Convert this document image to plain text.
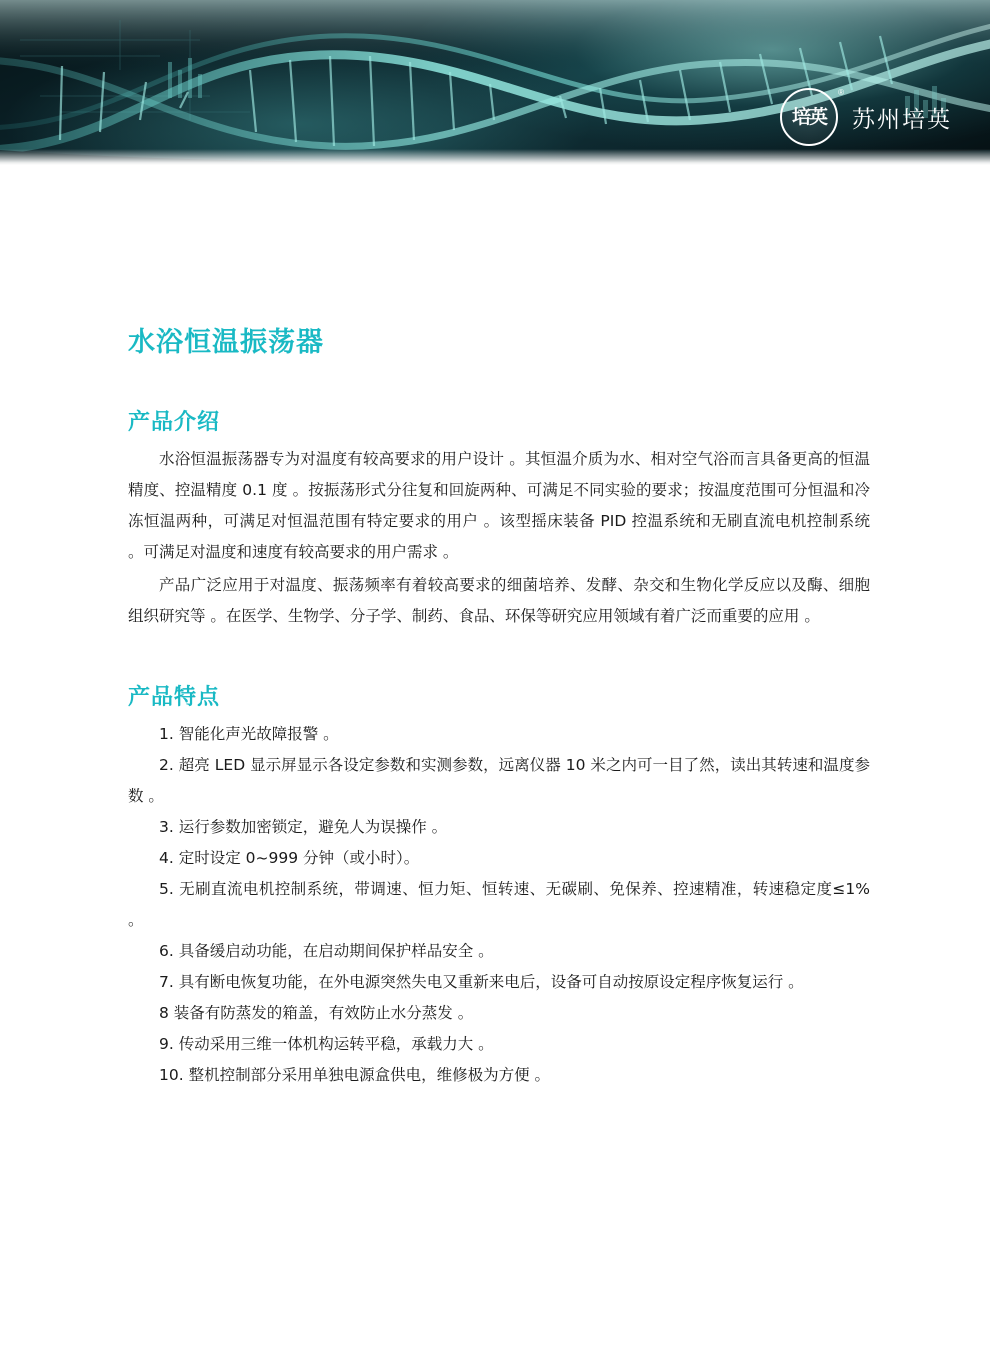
培英
®
苏州培英
水浴恒温振荡器
产品介绍

水浴恒温振荡器专为对温度有较高要求的用户设计 。其恒温介质为水、相对空气浴而言具备更高的恒温精度、控温精度 0.1 度 。按振荡形式分往复和回旋两种、可满足不同实验的要求；按温度范围可分恒温和冷冻恒温两种，可满足对恒温范围有特定要求的用户 。该型摇床装备 PID 控温系统和无刷直流电机控制系统 。可满足对温度和速度有较高要求的用户需求 。

产品广泛应用于对温度、振荡频率有着较高要求的细菌培养、发酵、杂交和生物化学反应以及酶、细胞组织研究等 。在医学、生物学、分子学、制药、食品、环保等研究应用领域有着广泛而重要的应用 。

产品特点
1. 智能化声光故障报警 。
2. 超亮 LED 显示屏显示各设定参数和实测参数，远离仪器 10 米之内可一目了然，读出其转速和温度参数 。
3. 运行参数加密锁定，避免人为误操作 。
4. 定时设定 0~999 分钟（或小时）。
5. 无刷直流电机控制系统，带调速、恒力矩、恒转速、无碳刷、免保养、控速精准，转速稳定度≤1% 。
6. 具备缓启动功能，在启动期间保护样品安全 。
7. 具有断电恢复功能，在外电源突然失电又重新来电后，设备可自动按原设定程序恢复运行 。
8 装备有防蒸发的箱盖，有效防止水分蒸发 。
9. 传动采用三维一体机构运转平稳，承载力大 。
10. 整机控制部分采用单独电源盒供电，维修极为方便 。
